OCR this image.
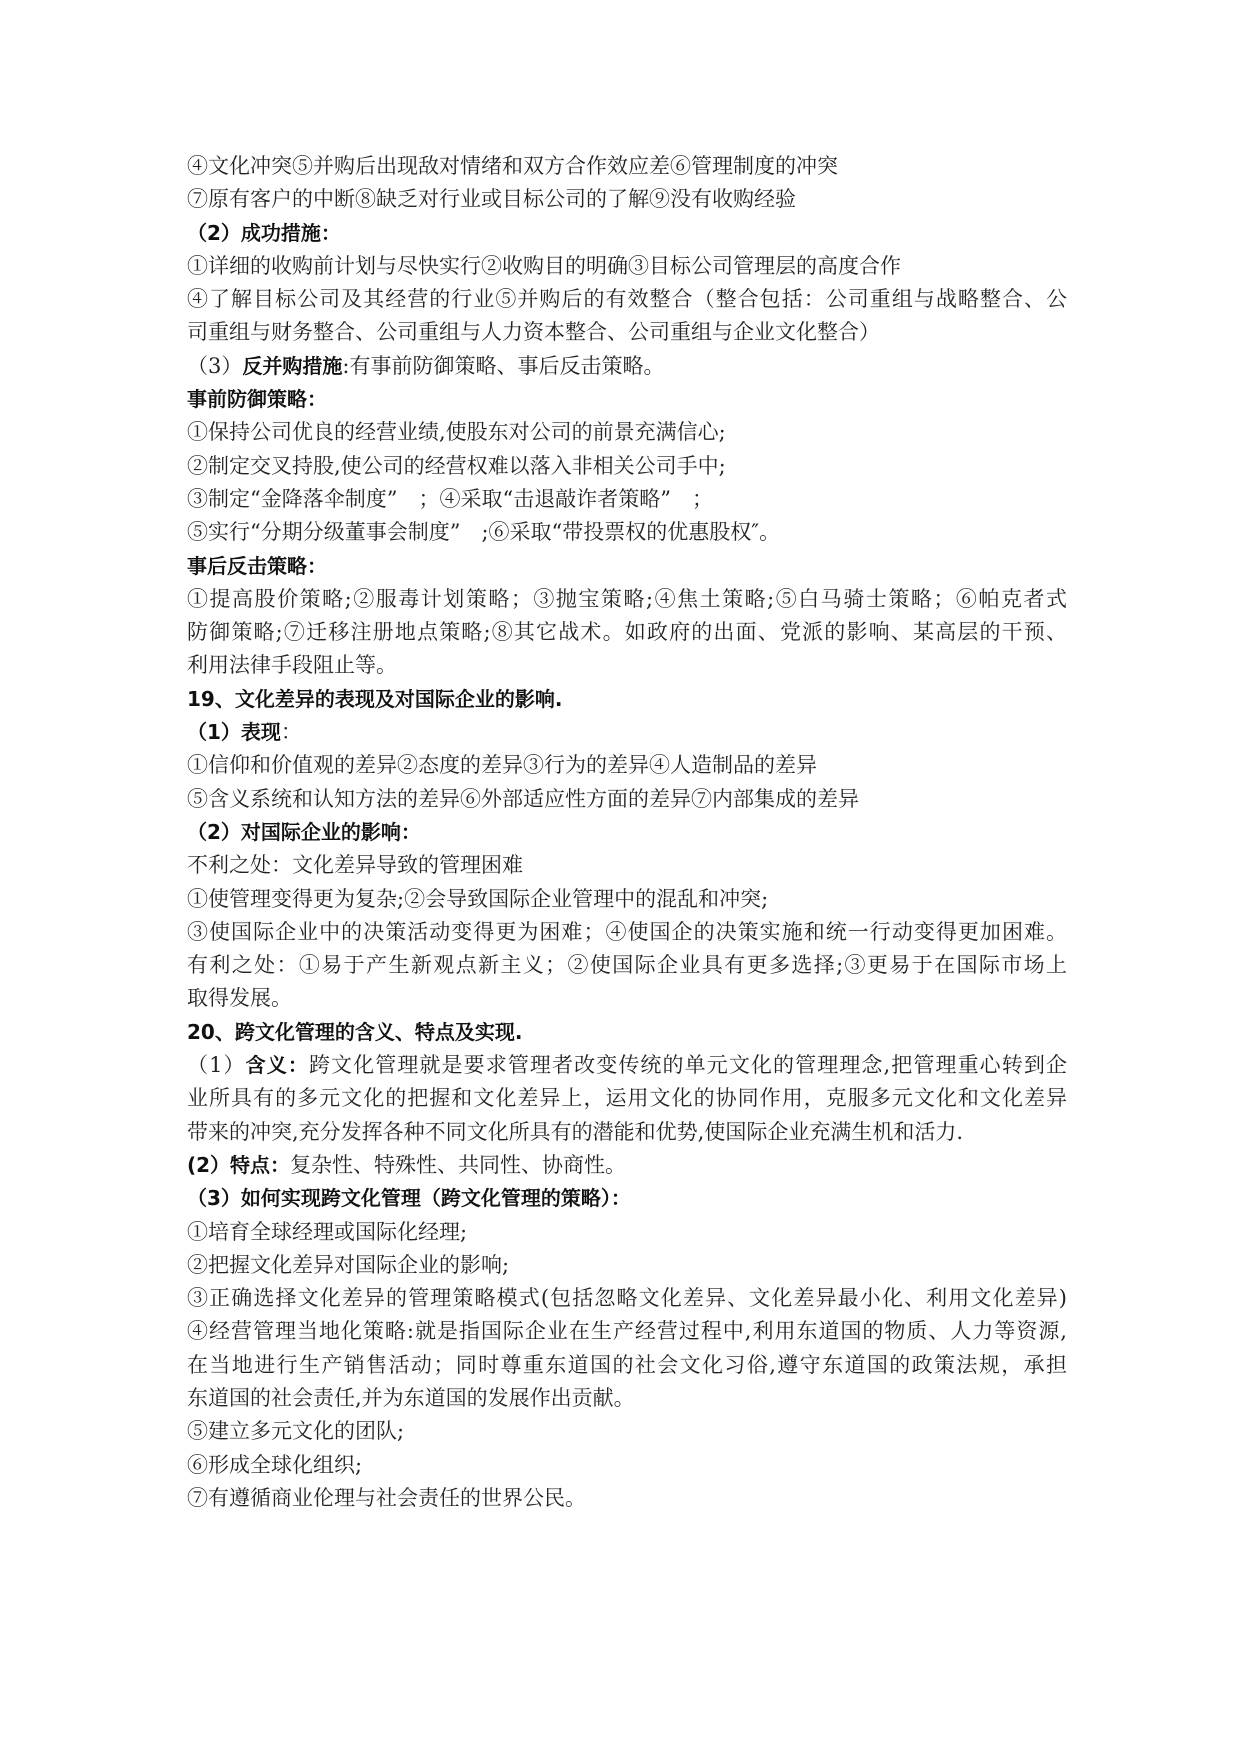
④文化冲突⑤并购后出现敌对情绪和双方合作效应差⑥管理制度的冲突

⑦原有客户的中断⑧缺乏对行业或目标公司的了解⑨没有收购经验

（2）成功措施：

①详细的收购前计划与尽快实行②收购目的明确③目标公司管理层的高度合作

④了解目标公司及其经营的行业⑤并购后的有效整合（整合包括：公司重组与战略整合、公

司重组与财务整合、公司重组与人力资本整合、公司重组与企业文化整合）

（3）反并购措施:有事前防御策略、事后反击策略。

事前防御策略：

①保持公司优良的经营业绩,使股东对公司的前景充满信心;

②制定交叉持股,使公司的经营权难以落入非相关公司手中;

③制定“金降落伞制度”　；④采取“击退敲诈者策略”　；

⑤实行“分期分级董事会制度”　;⑥采取“带投票权的优惠股权″。

事后反击策略：

①提高股价策略;②服毒计划策略；③抛宝策略;④焦土策略;⑤白马骑士策略；⑥帕克者式

防御策略;⑦迁移注册地点策略;⑧其它战术。如政府的出面、党派的影响、某高层的干预、

利用法律手段阻止等。

19、文化差异的表现及对国际企业的影响.

（1）表现：

①信仰和价值观的差异②态度的差异③行为的差异④人造制品的差异

⑤含义系统和认知方法的差异⑥外部适应性方面的差异⑦内部集成的差异

（2）对国际企业的影响：

不利之处：文化差异导致的管理困难

①使管理变得更为复杂;②会导致国际企业管理中的混乱和冲突;

③使国际企业中的决策活动变得更为困难；④使国企的决策实施和统一行动变得更加困难。

有利之处：①易于产生新观点新主义；②使国际企业具有更多选择;③更易于在国际市场上

取得发展。

20、跨文化管理的含义、特点及实现.

（1）含义：跨文化管理就是要求管理者改变传统的单元文化的管理理念,把管理重心转到企

业所具有的多元文化的把握和文化差异上，运用文化的协同作用，克服多元文化和文化差异

带来的冲突,充分发挥各种不同文化所具有的潜能和优势,使国际企业充满生机和活力.

(2）特点：复杂性、特殊性、共同性、协商性。

（3）如何实现跨文化管理（跨文化管理的策略）：

①培育全球经理或国际化经理;

②把握文化差异对国际企业的影响;

③正确选择文化差异的管理策略模式(包括忽略文化差异、文化差异最小化、利用文化差异)

④经营管理当地化策略:就是指国际企业在生产经营过程中,利用东道国的物质、人力等资源,

在当地进行生产销售活动；同时尊重东道国的社会文化习俗,遵守东道国的政策法规，承担

东道国的社会责任,并为东道国的发展作出贡献。

⑤建立多元文化的团队;

⑥形成全球化组织;

⑦有遵循商业伦理与社会责任的世界公民。
